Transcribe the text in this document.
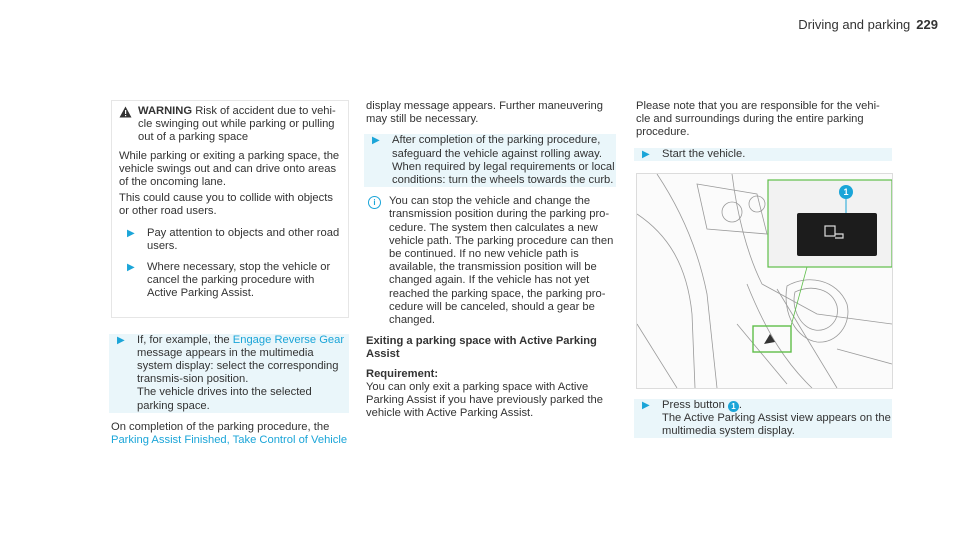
Driving and parking 229
WARNING Risk of accident due to vehi-cle swinging out while parking or pulling out of a parking space

While parking or exiting a parking space, the vehicle swings out and can drive onto areas of the oncoming lane.

This could cause you to collide with objects or other road users.

▶	Pay attention to objects and other road users.
▶	Where necessary, stop the vehicle or cancel the parking procedure with Active Parking Assist.
▶	If, for example, the Engage Reverse Gear message appears in the multimedia system display: select the corresponding transmis-sion position.
The vehicle drives into the selected parking space.

On completion of the parking procedure, the
Parking Assist Finished, Take Control of Vehicle

display message appears. Further maneuvering may still be necessary.

▶	After completion of the parking procedure, safeguard the vehicle against rolling away.
When required by legal requirements or local conditions: turn the wheels towards the curb.
i	You can stop the vehicle and change the transmission position during the parking pro-cedure. The system then calculates a new vehicle path. The parking procedure can then be continued. If no new vehicle path is available, the transmission position will be changed again. If the vehicle has not yet reached the parking space, the parking pro-cedure will be canceled, should a gear be changed.

Exiting a parking space with Active Parking Assist

Requirement:

You can only exit a parking space with Active Parking Assist if you have previously parked the vehicle with Active Parking Assist.

Please note that you are responsible for the vehi-cle and surroundings during the entire parking procedure.

▶	Start the vehicle.
1
▶	Press button 1 .
The Active Parking Assist view appears on the multimedia system display.
